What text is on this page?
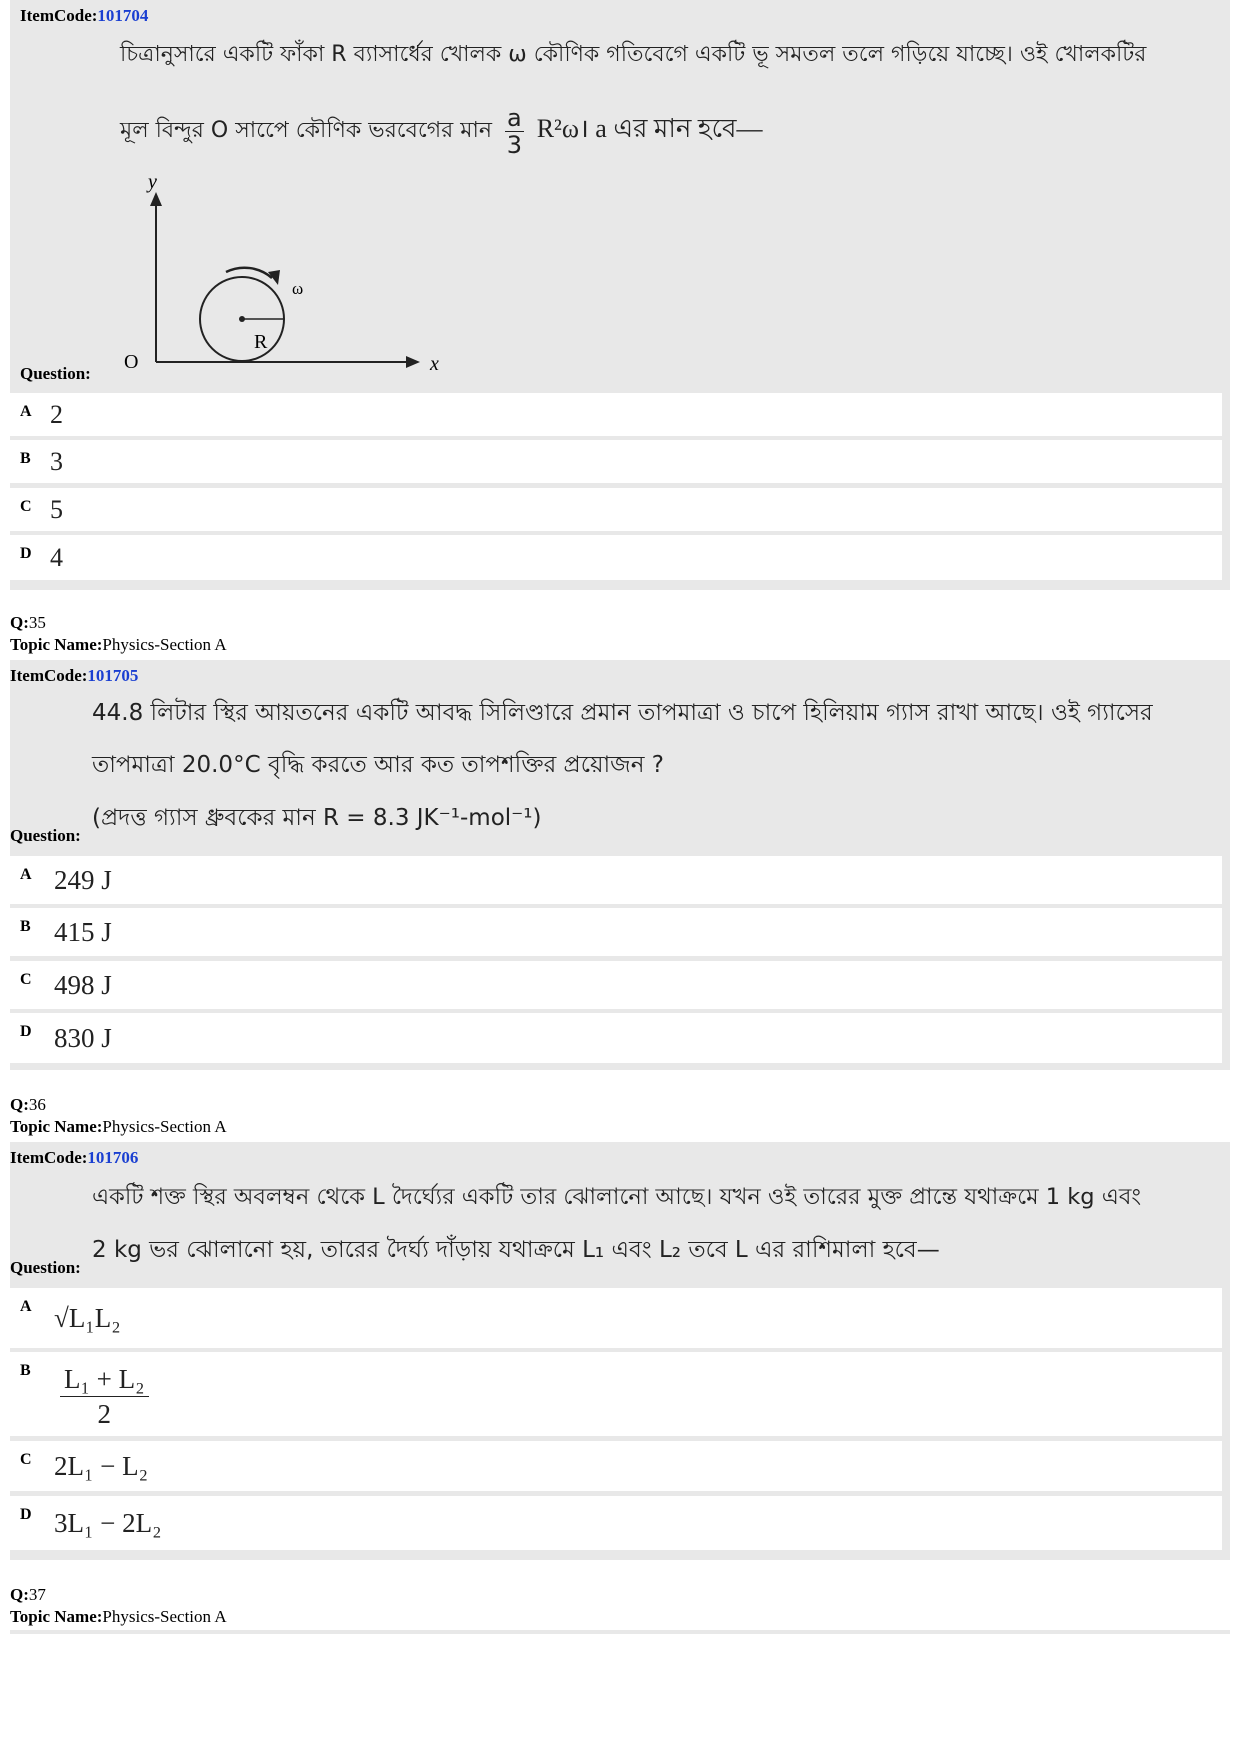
ItemCode:101704
চিত্রানুসারে একটি ফাঁকা R ব্যাসার্ধের খোলক ω কৌণিক গতিবেগে একটি ভূ সমতল তলে গড়িয়ে যাচ্ছে। ওই খোলকটির
মূল বিন্দুর O সাপেে কৌণিক ভরবেগের মান $\frac{a}{3}$ R²ω। a এর মান হবে—
y
x
O
R
ω
Question:
A 2
B 3
C 5
D 4
Q:35
Topic Name:Physics-Section A
ItemCode:101705
44.8 লিটার স্থির আয়তনের একটি আবদ্ধ সিলিণ্ডারে প্রমান তাপমাত্রা ও চাপে হিলিয়াম গ্যাস রাখা আছে। ওই গ্যাসের
তাপমাত্রা 20.0°C বৃদ্ধি করতে আর কত তাপশক্তির প্রয়োজন ?
(প্রদত্ত গ্যাস ধ্রুবকের মান R = 8.3 JK⁻¹-mol⁻¹)
Question:
A 249 J
B 415 J
C 498 J
D 830 J
Q:36
Topic Name:Physics-Section A
ItemCode:101706
একটি শক্ত স্থির অবলম্বন থেকে L দৈর্ঘ্যের একটি তার ঝোলানো আছে। যখন ওই তারের মুক্ত প্রান্তে যথাক্রমে 1 kg এবং
2 kg ভর ঝোলানো হয়, তারের দৈর্ঘ্য দাঁড়ায় যথাক্রমে L₁ এবং L₂ তবে L এর রাশিমালা হবে—
Question:
A √L₁L₂
B L₁ + L₂
2
C 2L₁ − L₂
D 3L₁ − 2L₂
Q:37
Topic Name:Physics-Section A
